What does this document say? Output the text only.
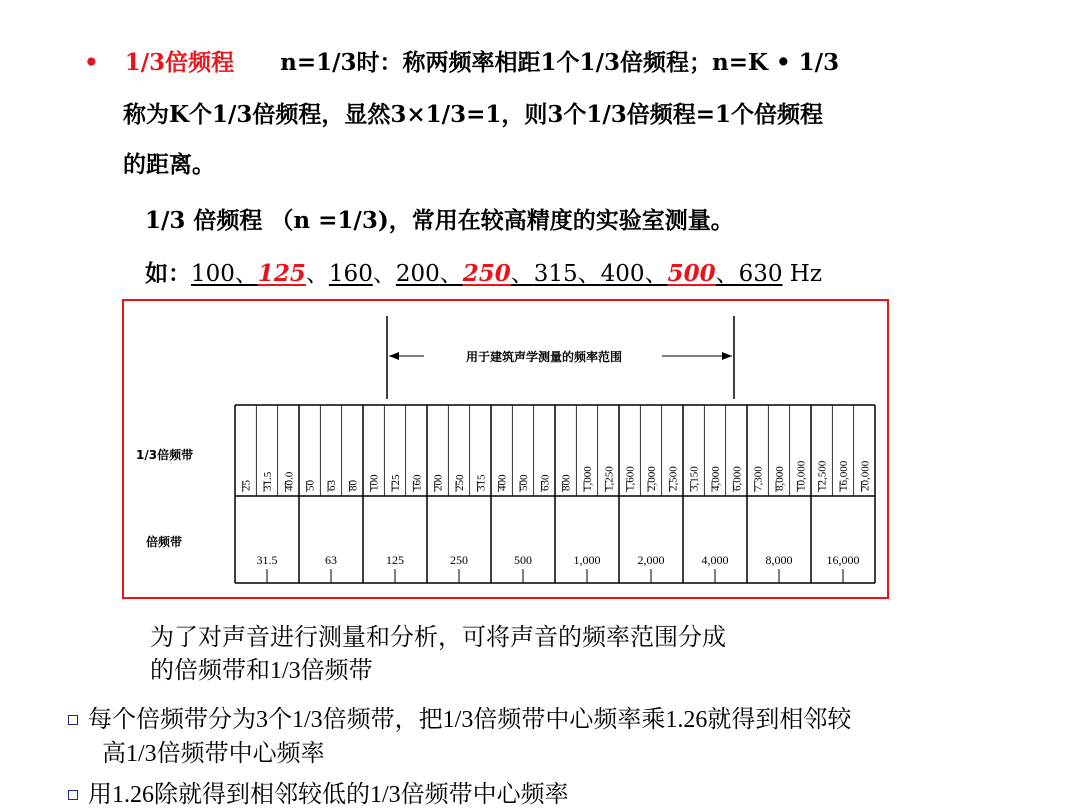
• 1/3倍频程 n=1/3时：称两频率相距1个1/3倍频程；n=K • 1/3
称为K个1/3倍频程，显然3×1/3=1，则3个1/3倍频程=1个倍频程
的距离。
1/3 倍频程 （n =1/3)，常用在较高精度的实验室测量。
如：100、125、160、200、250、315、400、500、630 Hz
用于建筑声学测量的频率范围
1/3倍频带
倍频带
25 31.5 40.0 50 63 80 100 125 160 200 250 315 400 500 630 800 1,000 1,250 1,600 2,000 2,500 3,150 4,000 6,000 7,300 8,000 10,000 12,500 16,000 20,000
31.5	63	125	250	500	1,000	2,000	4,000	8,000	16,000
为了对声音进行测量和分析，可将声音的频率范围分成
的倍频带和1/3倍频带
每个倍频带分为3个1/3倍频带，把1/3倍频带中心频率乘1.26就得到相邻较
高1/3倍频带中心频率
用1.26除就得到相邻较低的1/3倍频带中心频率
